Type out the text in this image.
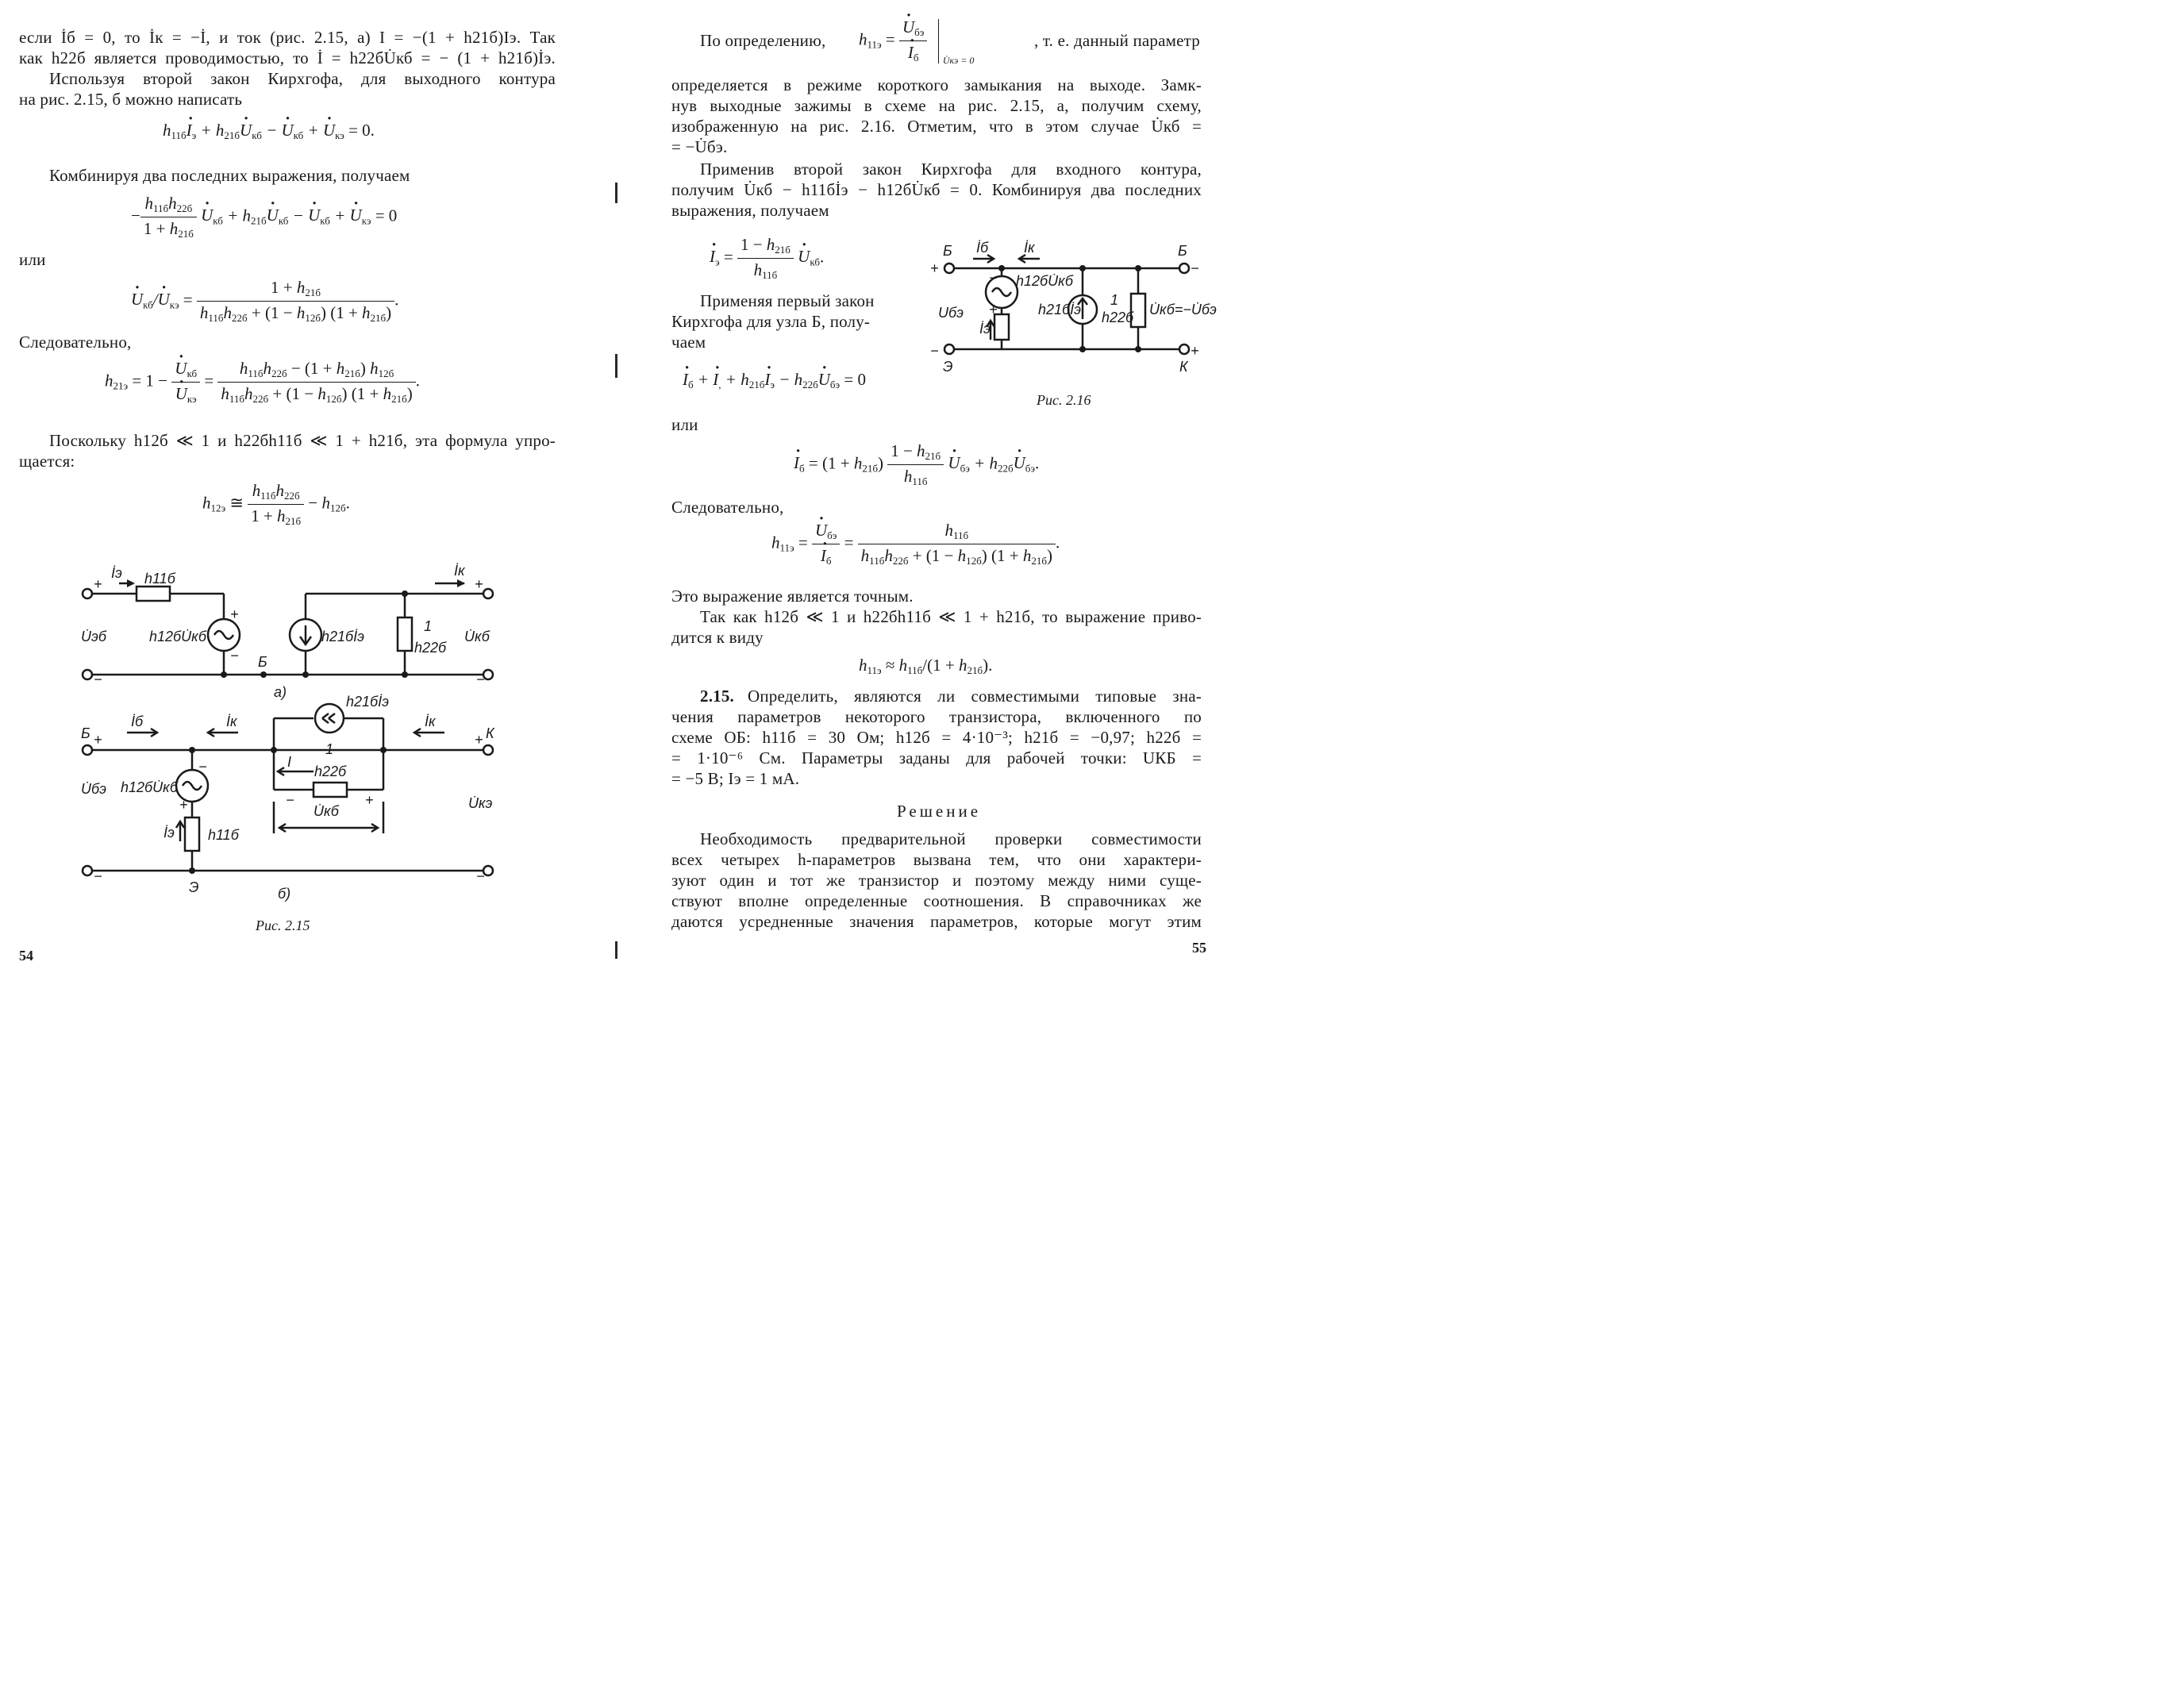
если İб = 0, то İк = −İ, и ток (рис. 2.15, а) I = −(1 + h21б)Iэ. Так
как h22б является проводимостью, то İ = h22бU̇кб = − (1 + h21б)İэ.
Используя второй закон Кирхгофа, для выходного контура
на рис. 2.15, б можно написать
$h_{11б}\cdot I_э + h_{21б}\cdot U_{кб}$ − · $U_{кб}$ + · $U_{кэ} = 0$.
Комбинируя два последних выражения, получаем
− $\frac{h_{11б}h_{22б}}{1 + h_{21б}}$
· $U_{кб} + h_{21б}\cdot U_{кб}$ − · $U_{кб}$ + · $U_{кэ} = 0$
или
· $U_{кб}/\cdot U_{кэ} = \frac{1 + h_{21б}}{h_{11б}h_{22б} + (1 - h_{12б}) (1 + h_{21б})}$ .
Следовательно,
$h_{21э} = 1$ −
· $U_{кб}$
· $U_{кэ} = \frac{h_{11б}h_{22б} - (1 + h_{21б}) h_{12б}}{h_{11б}h_{22б} + (1 - h_{12б}) (1 + h_{21б})}$ .
Поскольку h12б ≪ 1 и h22бh11б ≪ 1 + h21б, эта формула упро-
щается:
$h_{12э}$ ≅ $\frac{h_{11б}h_{22б}}{1 + h_{21б}} - h_{12б}$.
+
İэ h11б
+
h12бU̇кб
−
U̇эб
Б
−	−
h21бİэ
1
h22б
U̇кб
İк
+
а)
Б +
İб	İк	İк
+ К
h21бİэ
I
1
h22б
−	+
U̇кб
−
h12бU̇кб
+
U̇бэ
İэ h11б
U̇кэ
−	−
Э	б)
Рис. 2.15
54
По определению, $h_{11э}$ =
· $U_{бэ}$
· $I_б$ $_{U̇кэ = 0}$
, т. е. данный параметр
определяется в режиме короткого замыкания на выходе. Замк-
нув выходные зажимы в схеме на рис. 2.15, а, получим схему,
изображенную на рис. 2.16. Отметим, что в этом случае U̇кб =
= −U̇бэ.
Применив второй закон Кирхгофа для входного контура,
получим U̇кб − h11бİэ − h12бU̇кб = 0. Комбинируя два последних
выражения, получаем
· $I_э = \frac{1 - h_{21б}}{h_{11б}}$
· $U_{кб}$.
Применяя первый закон
Кирхгофа для узла Б, полу-
чаем
· $I_б$ + · $I_, + h_{21б}\cdot I_э - h_{22б}\cdot U_{бэ} = 0$
Б
+
İб İк	Б
−
− h12бU̇кб
+
Uбэ
İэ
h21бİэ
1
h22б U̇кб=−U̇бэ
−
Э
+
К
Рис. 2.16
или
· $I_б = (1 + h_{21б}) \frac{1 - h_{21б}}{h_{11б}}$
· $U_{бэ} + h_{22б}\cdot U_{бэ}$.
Следовательно,
$h_{11э}$ =
· $U_{бэ}$
· $I_б = \frac{h_{11б}}{h_{11б}h_{22б} + (1 - h_{12б}) (1 + h_{21б})}$ .
Это выражение является точным.
Так как h12б ≪ 1 и h22бh11б ≪ 1 + h21б, то выражение приво-
дится к виду
$h_{11э} \approx h_{11б}/(1 + h_{21б})$.
2.15. Определить, являются ли совместимыми типовые зна-
чения параметров некоторого транзистора, включенного по
схеме ОБ: h11б = 30 Ом; h12б = 4·10⁻³; h21б = −0,97; h22б =
= 1·10⁻⁶ См. Параметры заданы для рабочей точки: UКБ =
= −5 В; Iэ = 1 мА.
Решение
Необходимость предварительной проверки совместимости
всех четырех h-параметров вызвана тем, что они характери-
зуют один и тот же транзистор и поэтому между ними суще-
ствуют вполне определенные соотношения. В справочниках же
даются усредненные значения параметров, которые могут этим
55
